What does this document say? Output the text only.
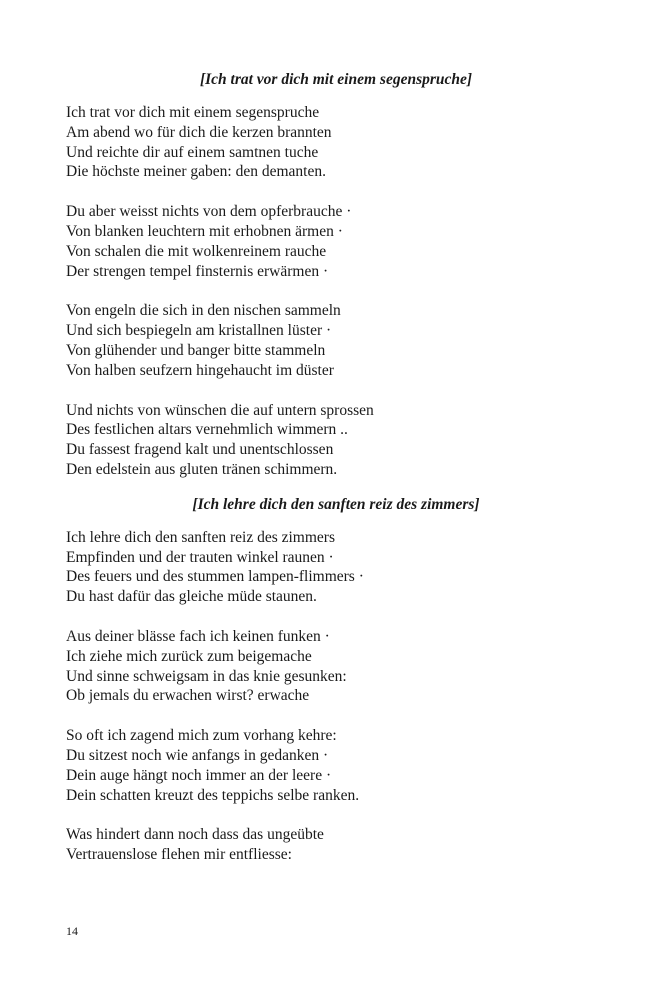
[Ich trat vor dich mit einem segenspruche]

Ich trat vor dich mit einem segenspruche
Am abend wo für dich die kerzen brannten
Und reichte dir auf einem samtnen tuche
Die höchste meiner gaben: den demanten.

Du aber weisst nichts von dem opferbrauche ·
Von blanken leuchtern mit erhobnen ärmen ·
Von schalen die mit wolkenreinem rauche
Der strengen tempel finsternis erwärmen ·

Von engeln die sich in den nischen sammeln
Und sich bespiegeln am kristallnen lüster ·
Von glühender und banger bitte stammeln
Von halben seufzern hingehaucht im düster

Und nichts von wünschen die auf untern sprossen
Des festlichen altars vernehmlich wimmern ..
Du fassest fragend kalt und unentschlossen
Den edelstein aus gluten tränen schimmern.

[Ich lehre dich den sanften reiz des zimmers]

Ich lehre dich den sanften reiz des zimmers
Empfinden und der trauten winkel raunen ·
Des feuers und des stummen lampen-flimmers ·
Du hast dafür das gleiche müde staunen.

Aus deiner blässe fach ich keinen funken ·
Ich ziehe mich zurück zum beigemache
Und sinne schweigsam in das knie gesunken:
Ob jemals du erwachen wirst? erwache

So oft ich zagend mich zum vorhang kehre:
Du sitzest noch wie anfangs in gedanken ·
Dein auge hängt noch immer an der leere ·
Dein schatten kreuzt des teppichs selbe ranken.

Was hindert dann noch dass das ungeübte
Vertrauenslose flehen mir entfliesse:

14
